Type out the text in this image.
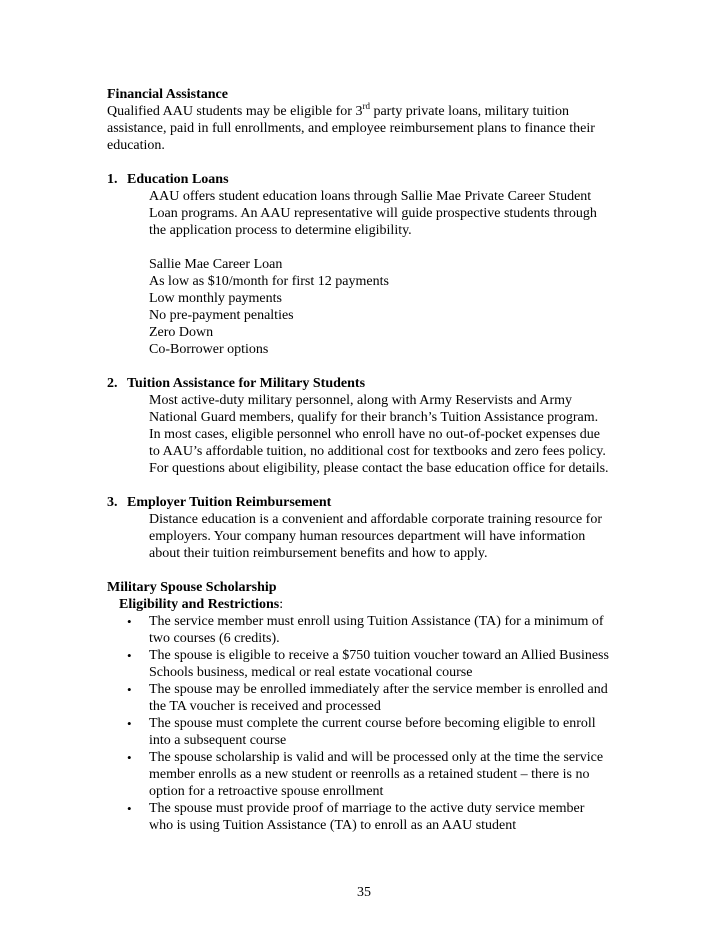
Financial Assistance
Qualified AAU students may be eligible for 3rd party private loans, military tuition
assistance, paid in full enrollments, and employee reimbursement plans to finance their
education.
1. Education Loans
AAU offers student education loans through Sallie Mae Private Career Student
Loan programs. An AAU representative will guide prospective students through
the application process to determine eligibility.
Sallie Mae Career Loan
As low as $10/month for first 12 payments
Low monthly payments
No pre-payment penalties
Zero Down
Co-Borrower options
2. Tuition Assistance for Military Students
Most active-duty military personnel, along with Army Reservists and Army
National Guard members, qualify for their branch’s Tuition Assistance program.
In most cases, eligible personnel who enroll have no out-of-pocket expenses due
to AAU’s affordable tuition, no additional cost for textbooks and zero fees policy.
For questions about eligibility, please contact the base education office for details.
3. Employer Tuition Reimbursement
Distance education is a convenient and affordable corporate training resource for
employers. Your company human resources department will have information
about their tuition reimbursement benefits and how to apply.
Military Spouse Scholarship
Eligibility and Restrictions:
• The service member must enroll using Tuition Assistance (TA) for a minimum of
two courses (6 credits).
• The spouse is eligible to receive a $750 tuition voucher toward an Allied Business
Schools business, medical or real estate vocational course
• The spouse may be enrolled immediately after the service member is enrolled and
the TA voucher is received and processed
• The spouse must complete the current course before becoming eligible to enroll
into a subsequent course
• The spouse scholarship is valid and will be processed only at the time the service
member enrolls as a new student or reenrolls as a retained student – there is no
option for a retroactive spouse enrollment
• The spouse must provide proof of marriage to the active duty service member
who is using Tuition Assistance (TA) to enroll as an AAU student
35
